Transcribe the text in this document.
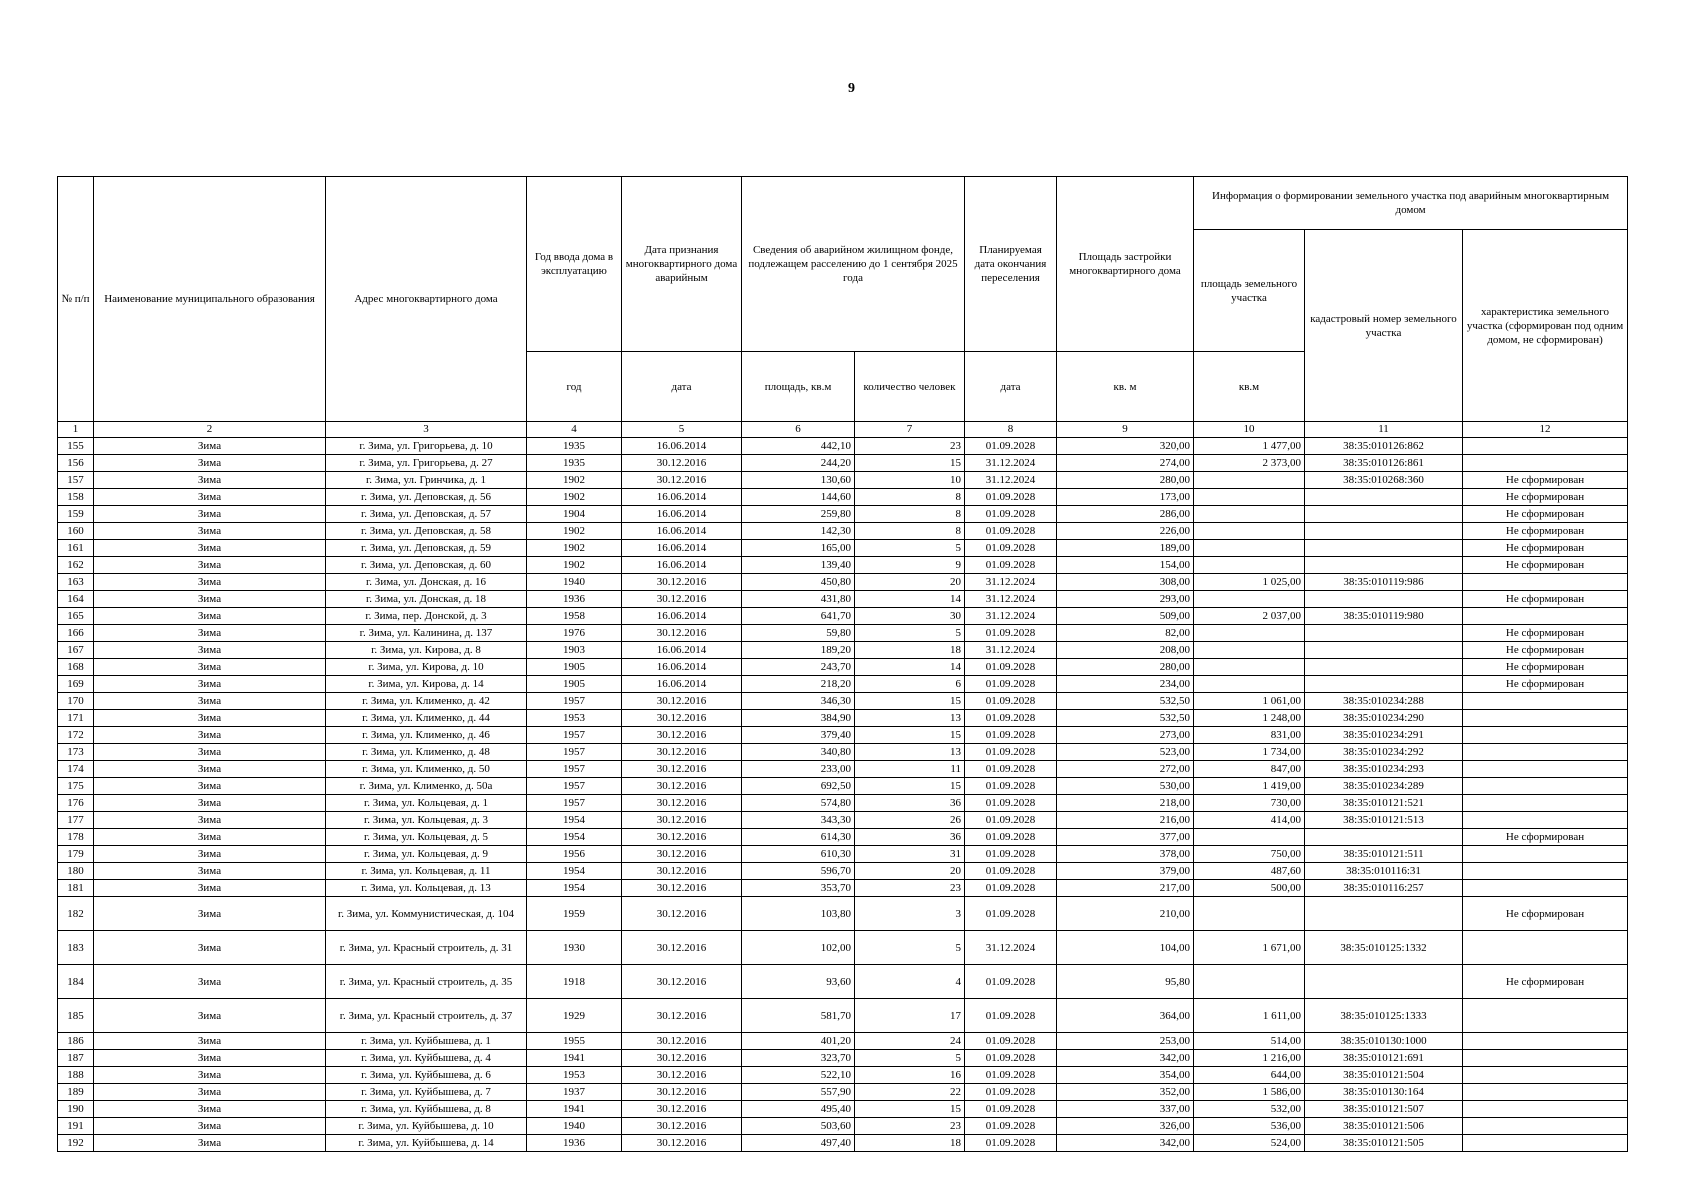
9
№ п/п	Наименование муниципального образования	Адрес многоквартирного дома	Год ввода дома в эксплуатацию	Дата признания многоквартирного дома аварийным	Сведения об аварийном жилищном фонде, подлежащем расселению до 1 сентября 2025 года		Планируемая дата окончания переселения	Площадь застройки многоквартирного дома	Информация о формировании земельного участка под аварийным многоквартирным домом		
									площадь земельного участка	кадастровый номер земельного участка	характеристика земельного участка (сформирован под одним домом, не сформирован)
			год	дата	площадь, кв.м	количество человек	дата	кв. м	кв.м		
1	2	3	4	5	6	7	8	9	10	11	12
155	Зима	г. Зима, ул. Григорьева, д. 10	1935	16.06.2014	442,10	23	01.09.2028	320,00	1 477,00	38:35:010126:862	
156	Зима	г. Зима, ул. Григорьева, д. 27	1935	30.12.2016	244,20	15	31.12.2024	274,00	2 373,00	38:35:010126:861	
157	Зима	г. Зима, ул. Гринчика, д. 1	1902	30.12.2016	130,60	10	31.12.2024	280,00		38:35:010268:360	Не сформирован
158	Зима	г. Зима, ул. Деповская, д. 56	1902	16.06.2014	144,60	8	01.09.2028	173,00			Не сформирован
159	Зима	г. Зима, ул. Деповская, д. 57	1904	16.06.2014	259,80	8	01.09.2028	286,00			Не сформирован
160	Зима	г. Зима, ул. Деповская, д. 58	1902	16.06.2014	142,30	8	01.09.2028	226,00			Не сформирован
161	Зима	г. Зима, ул. Деповская, д. 59	1902	16.06.2014	165,00	5	01.09.2028	189,00			Не сформирован
162	Зима	г. Зима, ул. Деповская, д. 60	1902	16.06.2014	139,40	9	01.09.2028	154,00			Не сформирован
163	Зима	г. Зима, ул. Донская, д. 16	1940	30.12.2016	450,80	20	31.12.2024	308,00	1 025,00	38:35:010119:986	
164	Зима	г. Зима, ул. Донская, д. 18	1936	30.12.2016	431,80	14	31.12.2024	293,00			Не сформирован
165	Зима	г. Зима, пер. Донской, д. 3	1958	16.06.2014	641,70	30	31.12.2024	509,00	2 037,00	38:35:010119:980	
166	Зима	г. Зима, ул. Калинина, д. 137	1976	30.12.2016	59,80	5	01.09.2028	82,00			Не сформирован
167	Зима	г. Зима, ул. Кирова, д. 8	1903	16.06.2014	189,20	18	31.12.2024	208,00			Не сформирован
168	Зима	г. Зима, ул. Кирова, д. 10	1905	16.06.2014	243,70	14	01.09.2028	280,00			Не сформирован
169	Зима	г. Зима, ул. Кирова, д. 14	1905	16.06.2014	218,20	6	01.09.2028	234,00			Не сформирован
170	Зима	г. Зима, ул. Клименко, д. 42	1957	30.12.2016	346,30	15	01.09.2028	532,50	1 061,00	38:35:010234:288	
171	Зима	г. Зима, ул. Клименко, д. 44	1953	30.12.2016	384,90	13	01.09.2028	532,50	1 248,00	38:35:010234:290	
172	Зима	г. Зима, ул. Клименко, д. 46	1957	30.12.2016	379,40	15	01.09.2028	273,00	831,00	38:35:010234:291	
173	Зима	г. Зима, ул. Клименко, д. 48	1957	30.12.2016	340,80	13	01.09.2028	523,00	1 734,00	38:35:010234:292	
174	Зима	г. Зима, ул. Клименко, д. 50	1957	30.12.2016	233,00	11	01.09.2028	272,00	847,00	38:35:010234:293	
175	Зима	г. Зима, ул. Клименко, д. 50а	1957	30.12.2016	692,50	15	01.09.2028	530,00	1 419,00	38:35:010234:289	
176	Зима	г. Зима, ул. Кольцевая, д. 1	1957	30.12.2016	574,80	36	01.09.2028	218,00	730,00	38:35:010121:521	
177	Зима	г. Зима, ул. Кольцевая, д. 3	1954	30.12.2016	343,30	26	01.09.2028	216,00	414,00	38:35:010121:513	
178	Зима	г. Зима, ул. Кольцевая, д. 5	1954	30.12.2016	614,30	36	01.09.2028	377,00			Не сформирован
179	Зима	г. Зима, ул. Кольцевая, д. 9	1956	30.12.2016	610,30	31	01.09.2028	378,00	750,00	38:35:010121:511	
180	Зима	г. Зима, ул. Кольцевая, д. 11	1954	30.12.2016	596,70	20	01.09.2028	379,00	487,60	38:35:010116:31	
181	Зима	г. Зима, ул. Кольцевая, д. 13	1954	30.12.2016	353,70	23	01.09.2028	217,00	500,00	38:35:010116:257	
182	Зима	г. Зима, ул. Коммунистическая, д. 104	1959	30.12.2016	103,80	3	01.09.2028	210,00			Не сформирован
183	Зима	г. Зима, ул. Красный строитель, д. 31	1930	30.12.2016	102,00	5	31.12.2024	104,00	1 671,00	38:35:010125:1332	
184	Зима	г. Зима, ул. Красный строитель, д. 35	1918	30.12.2016	93,60	4	01.09.2028	95,80			Не сформирован
185	Зима	г. Зима, ул. Красный строитель, д. 37	1929	30.12.2016	581,70	17	01.09.2028	364,00	1 611,00	38:35:010125:1333	
186	Зима	г. Зима, ул. Куйбышева, д. 1	1955	30.12.2016	401,20	24	01.09.2028	253,00	514,00	38:35:010130:1000	
187	Зима	г. Зима, ул. Куйбышева, д. 4	1941	30.12.2016	323,70	5	01.09.2028	342,00	1 216,00	38:35:010121:691	
188	Зима	г. Зима, ул. Куйбышева, д. 6	1953	30.12.2016	522,10	16	01.09.2028	354,00	644,00	38:35:010121:504	
189	Зима	г. Зима, ул. Куйбышева, д. 7	1937	30.12.2016	557,90	22	01.09.2028	352,00	1 586,00	38:35:010130:164	
190	Зима	г. Зима, ул. Куйбышева, д. 8	1941	30.12.2016	495,40	15	01.09.2028	337,00	532,00	38:35:010121:507	
191	Зима	г. Зима, ул. Куйбышева, д. 10	1940	30.12.2016	503,60	23	01.09.2028	326,00	536,00	38:35:010121:506	
192	Зима	г. Зима, ул. Куйбышева, д. 14	1936	30.12.2016	497,40	18	01.09.2028	342,00	524,00	38:35:010121:505	
